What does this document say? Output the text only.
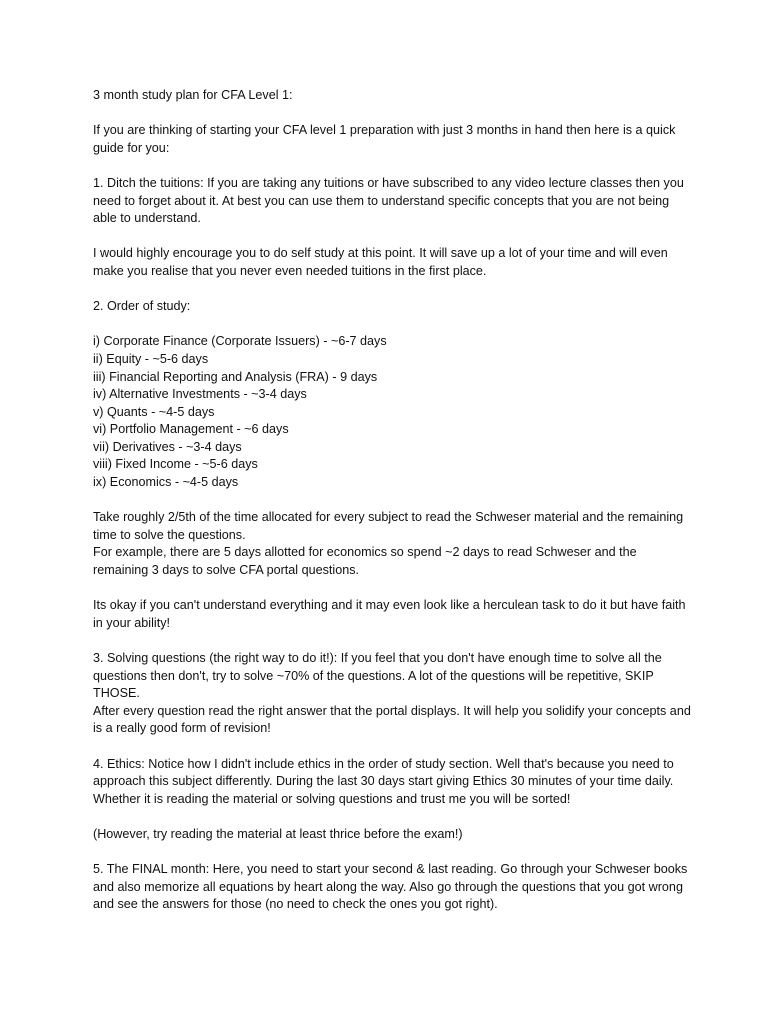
3 month study plan for CFA Level 1:

If you are thinking of starting your CFA level 1 preparation with just 3 months in hand then here is a quick guide for you:

1. Ditch the tuitions: If you are taking any tuitions or have subscribed to any video lecture classes then you need to forget about it. At best you can use them to understand specific concepts that you are not being able to understand.

I would highly encourage you to do self study at this point. It will save up a lot of your time and will even make you realise that you never even needed tuitions in the first place.

2. Order of study:

i) Corporate Finance (Corporate Issuers) - ~6-7 days
ii) Equity - ~5-6 days
iii) Financial Reporting and Analysis (FRA) - 9 days
iv) Alternative Investments - ~3-4 days
v) Quants - ~4-5 days
vi) Portfolio Management - ~6 days
vii) Derivatives - ~3-4 days
viii) Fixed Income - ~5-6 days
ix) Economics - ~4-5 days

Take roughly 2/5th of the time allocated for every subject to read the Schweser material and the remaining time to solve the questions.
For example, there are 5 days allotted for economics so spend ~2 days to read Schweser and the remaining 3 days to solve CFA portal questions.

Its okay if you can't understand everything and it may even look like a herculean task to do it but have faith in your ability!

3. Solving questions (the right way to do it!): If you feel that you don't have enough time to solve all the questions then don't, try to solve ~70% of the questions. A lot of the questions will be repetitive, SKIP THOSE.
After every question read the right answer that the portal displays. It will help you solidify your concepts and is a really good form of revision!

4. Ethics: Notice how I didn't include ethics in the order of study section. Well that's because you need to approach this subject differently. During the last 30 days start giving Ethics 30 minutes of your time daily. Whether it is reading the material or solving questions and trust me you will be sorted!

(However, try reading the material at least thrice before the exam!)

5. The FINAL month: Here, you need to start your second & last reading. Go through your Schweser books and also memorize all equations by heart along the way. Also go through the questions that you got wrong and see the answers for those (no need to check the ones you got right).
